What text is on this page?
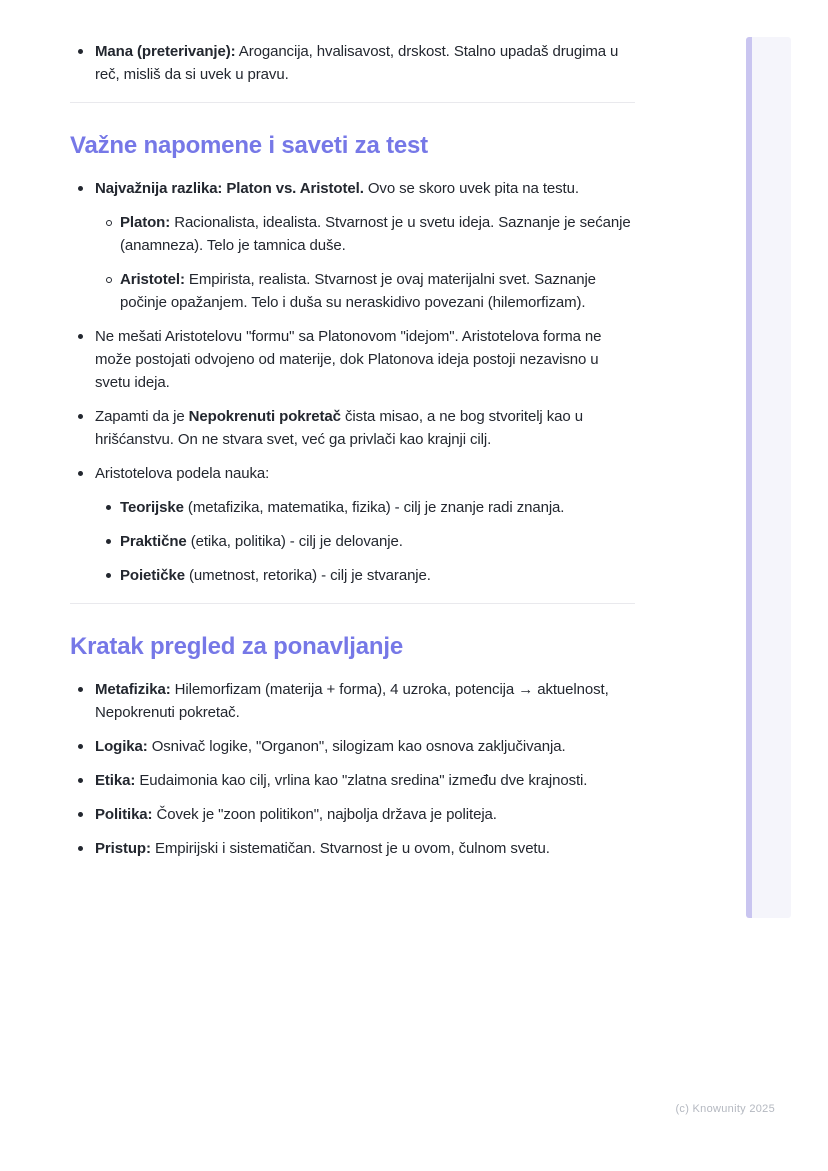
Mana (preterivanje): Arogancija, hvalisavost, drskost. Stalno upadaš drugima u reč, misliš da si uvek u pravu.
Važne napomene i saveti za test
Najvažnija razlika: Platon vs. Aristotel. Ovo se skoro uvek pita na testu.
Platon: Racionalista, idealista. Stvarnost je u svetu ideja. Saznanje je sećanje (anamneza). Telo je tamnica duše.
Aristotel: Empirista, realista. Stvarnost je ovaj materijalni svet. Saznanje počinje opažanjem. Telo i duša su neraskidivo povezani (hilemorfizam).
Ne mešati Aristotelovu "formu" sa Platonovom "idejom". Aristotelova forma ne može postojati odvojeno od materije, dok Platonova ideja postoji nezavisno u svetu ideja.
Zapamti da je Nepokrenuti pokretač čista misao, a ne bog stvoritelj kao u hrišćanstvu. On ne stvara svet, već ga privlači kao krajnji cilj.
Aristotelova podela nauka:
Teorijske (metafizika, matematika, fizika) - cilj je znanje radi znanja.
Praktične (etika, politika) - cilj je delovanje.
Poietičke (umetnost, retorika) - cilj je stvaranje.
Kratak pregled za ponavljanje
Metafizika: Hilemorfizam (materija + forma), 4 uzroka, potencija → aktuelnost, Nepokrenuti pokretač.
Logika: Osnivač logike, "Organon", silogizam kao osnova zaključivanja.
Etika: Eudaimonia kao cilj, vrlina kao "zlatna sredina" između dve krajnosti.
Politika: Čovek je "zoon politikon", najbolja država je politeja.
Pristup: Empirijski i sistematičan. Stvarnost je u ovom, čulnom svetu.
(c) Knowunity 2025
